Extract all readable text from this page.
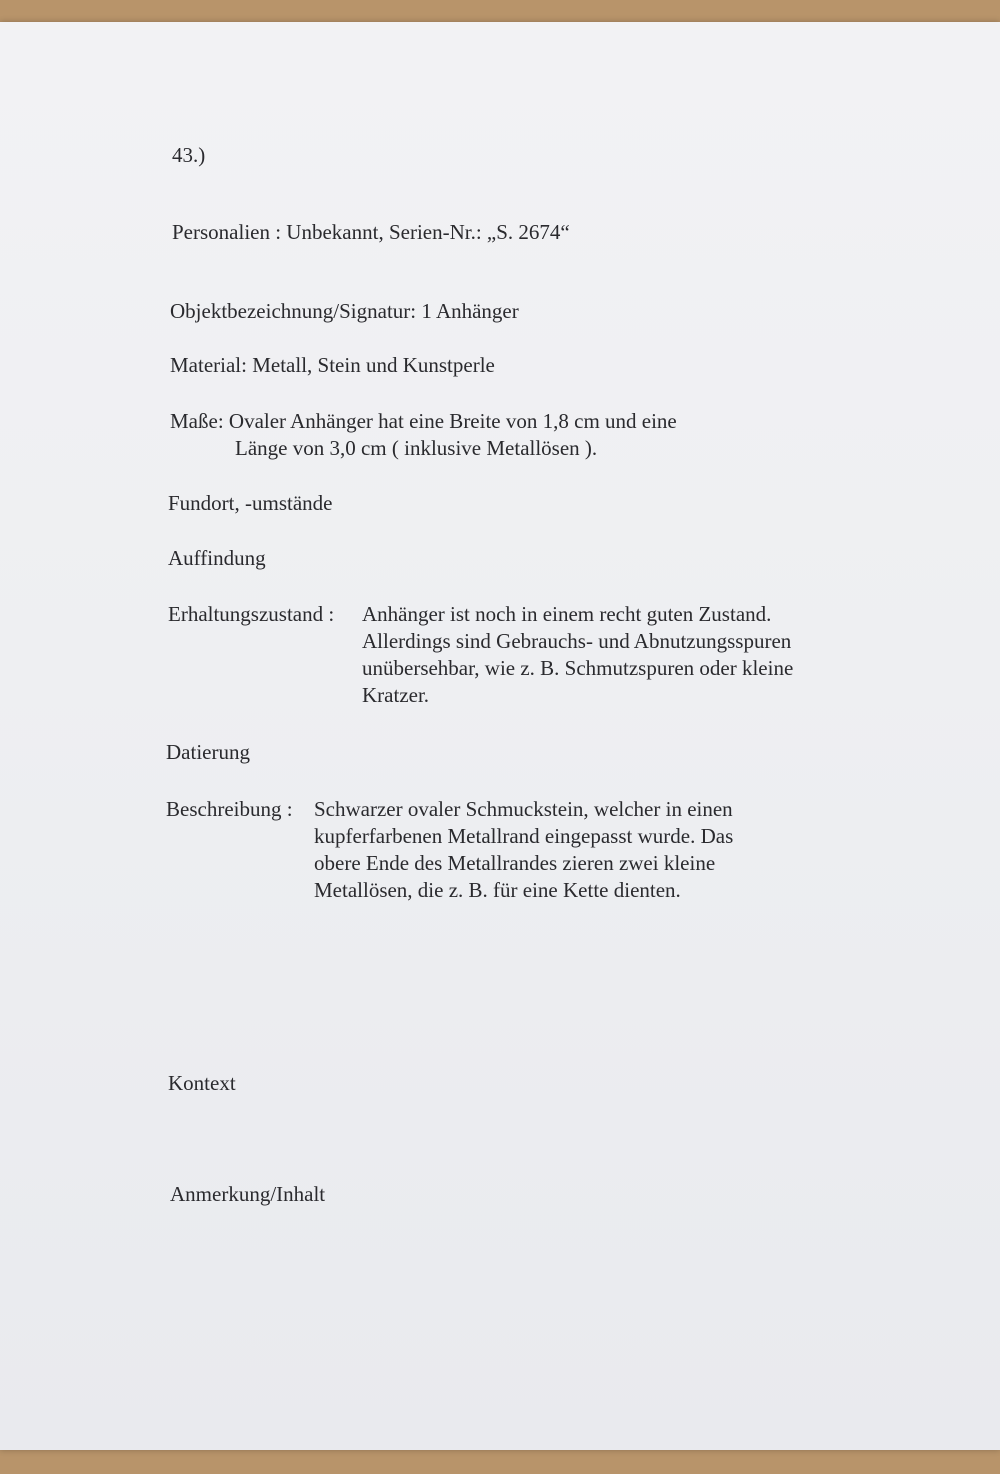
43.)
Personalien : Unbekannt, Serien-Nr.: „S. 2674“
Objektbezeichnung/Signatur: 1 Anhänger
Material: Metall, Stein und Kunstperle
Maße: Ovaler Anhänger hat eine Breite von 1,8 cm und eine
Länge von 3,0 cm ( inklusive Metallösen ).
Fundort, -umstände
Auffindung
Erhaltungszustand : Anhänger ist noch in einem recht guten Zustand.
Allerdings sind Gebrauchs- und Abnutzungsspuren
unübersehbar, wie z. B. Schmutzspuren oder kleine
Kratzer.
Datierung
Beschreibung : Schwarzer ovaler Schmuckstein, welcher in einen
kupferfarbenen Metallrand eingepasst wurde. Das
obere Ende des Metallrandes zieren zwei kleine
Metallösen, die z. B. für eine Kette dienten.
Kontext
Anmerkung/Inhalt
